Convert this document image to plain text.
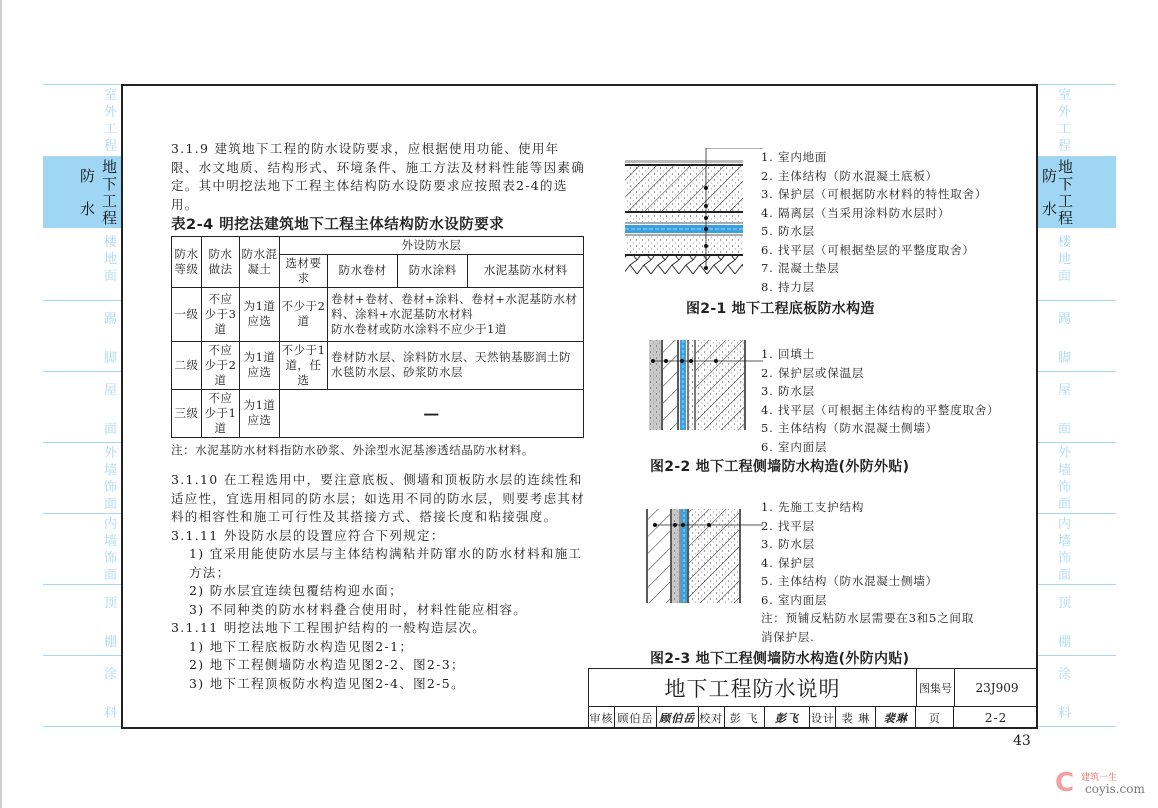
室
外
工
程
防
水
地
下
工
程
楼
地
面
踢
脚
屋
面
外
墙
饰
面
内
墙
饰
面
顶
棚
涂
料
室
外
工
程
防
水
地
下
工
程
楼
地
面
踢
脚
屋
面
外
墙
饰
面
内
墙
饰
面
顶
棚
涂
料

3.1.9 建筑地下工程的防水设防要求，应根据使用功能、使用年限、水文地质、结构形式、环境条件、施工方法及材料性能等因素确定。其中明挖法地下工程主体结构防水设防要求应按照表2-4的选用。

表2-4 明挖法建筑地下工程主体结构防水设防要求
防水等级	防水做法	防水混凝土	外设防水层			
			选材要求	防水卷材	防水涂料	水泥基防水材料
一级	不应少于3道	为1道应选	不少于2道	卷材+卷材、卷材+涂料、卷材+水泥基防水材料、涂料+水泥基防水材料
防水卷材或防水涂料不应少于1道		

二级	不应少于2道	为1道应选	不少于1道，任选	卷材防水层、涂料防水层、天然钠基膨润土防水毯防水层、砂浆防水层		

三级	不应少于1道	为1道应选	—			
注：水泥基防水材料指防水砂浆、外涂型水泥基渗透结晶防水材料。

3.1.10 在工程选用中，要注意底板、侧墙和顶板防水层的连续性和适应性，宜选用相同的防水层；如选用不同的防水层，则要考虑其材料的相容性和施工可行性及其搭接方式、搭接长度和粘接强度。

3.1.11 外设防水层的设置应符合下列规定：

1) 宜采用能使防水层与主体结构满粘并防窜水的防水材料和施工方法；

2) 防水层宜连续包覆结构迎水面；

3) 不同种类的防水材料叠合使用时，材料性能应相容。

3.1.11 明挖法地下工程围护结构的一般构造层次。

1) 地下工程底板防水构造见图2-1；

2) 地下工程侧墙防水构造见图2-2、图2-3；

3) 地下工程顶板防水构造见图2-4、图2-5。

1. 室内地面
2. 主体结构（防水混凝土底板）
3. 保护层（可根据防水材料的特性取舍）
4. 隔离层（当采用涂料防水层时）
5. 防水层
6. 找平层（可根据垫层的平整度取舍）
7. 混凝土垫层
8. 持力层
图2-1 地下工程底板防水构造
1. 回填土
2. 保护层或保温层
3. 防水层
4. 找平层（可根据主体结构的平整度取舍）
5. 主体结构（防水混凝土侧墙）
6. 室内面层
图2-2 地下工程侧墙防水构造(外防外贴)
1. 先施工支护结构
2. 找平层
3. 防水层
4. 保护层
5. 主体结构（防水混凝土侧墙）
6. 室内面层
注：预铺反粘防水层需要在3和5之间取
消保护层.
图2-3 地下工程侧墙防水构造(外防内贴)
地下工程防水说明	图集号	23J909
审核 顾伯岳 顾伯岳 校对 彭 飞	彭飞	设计 裴 琳	裴琳	页	2-2
43
C 建筑一生
coyis.com
